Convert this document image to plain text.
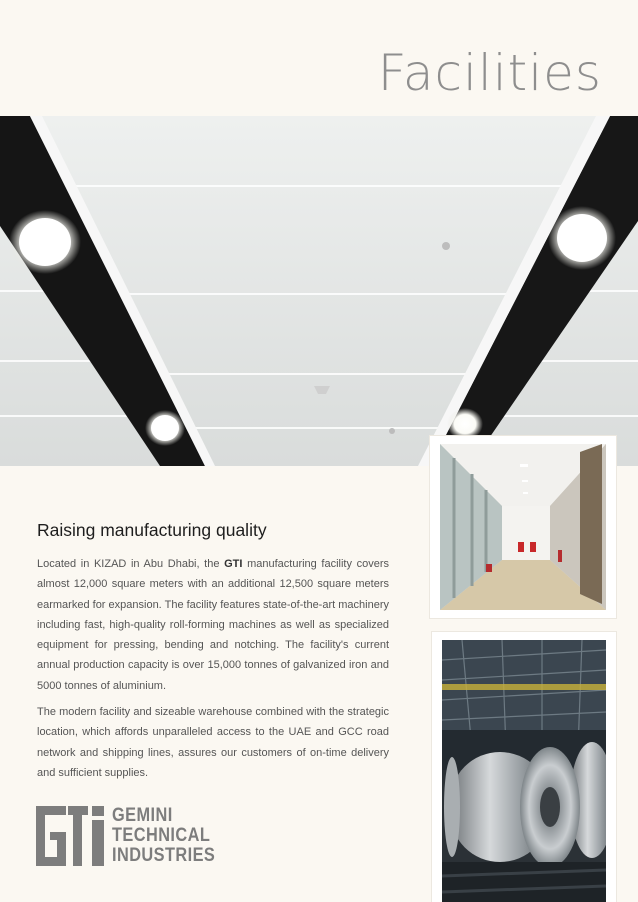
Facilities
Raising manufacturing quality

Located in KIZAD in Abu Dhabi, the GTI manufacturing facility covers almost 12,000 square meters with an additional 12,500 square meters earmarked for expansion. The facility features state-of-the-art machinery including fast, high-quality roll-forming machines as well as specialized equipment for pressing, bending and notching. The facility's current annual production capacity is over 15,000 tonnes of galvanized iron and 5000 tonnes of aluminium.

The modern facility and sizeable warehouse combined with the strategic location, which affords unparalleled access to the UAE and GCC road network and shipping lines, assures our customers of on-time delivery and sufficient supplies.

GEMINI
TECHNICAL
INDUSTRIES
